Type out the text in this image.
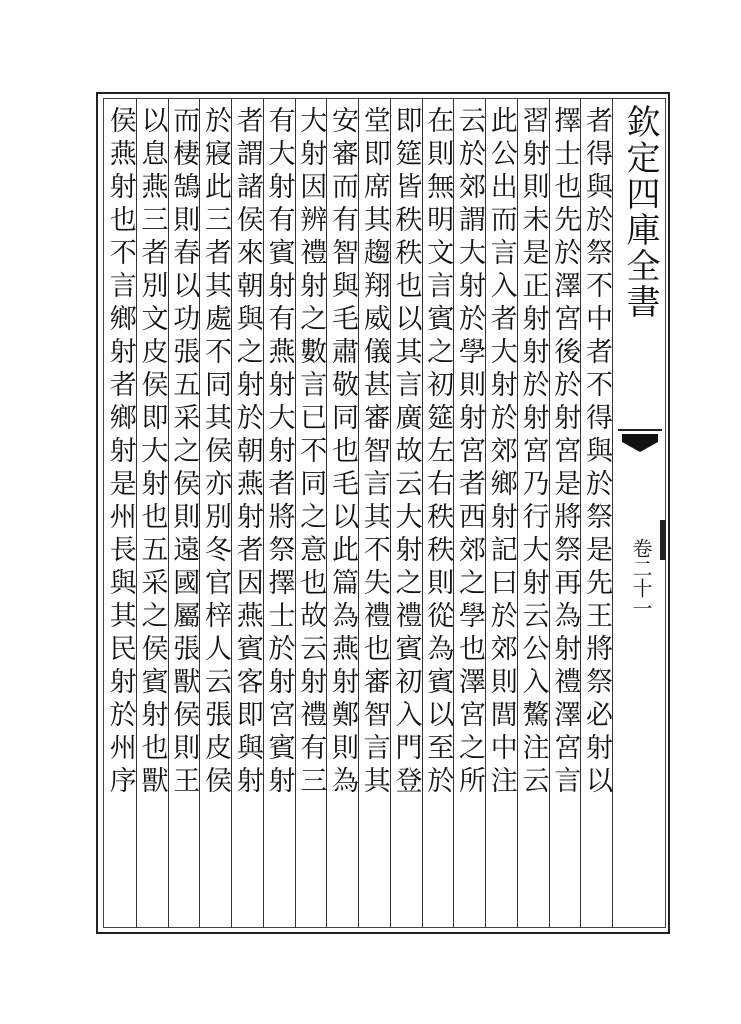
欽定四庫全書
卷二十一
者得與於祭不中者不得與於祭是先王將祭必射以
擇士也先於澤宮後於射宮是將祭再為射禮澤宮言
習射則未是正射射於射宮乃行大射云公入驁注云
此公出而言入者大射於郊鄉射記曰於郊則閭中注
云於郊謂大射於學則射宮者西郊之學也澤宮之所
在則無明文言賓之初筵左右秩秩則從為賓以至於
即筵皆秩秩也以其言廣故云大射之禮賓初入門登
堂即席其趨翔威儀甚審智言其不失禮也審智言其
安審而有智與毛肅敬同也毛以此篇為燕射鄭則為
大射因辨禮射之數言已不同之意也故云射禮有三
有大射有賓射有燕射大射者將祭擇士於射宮賓射
者謂諸侯來朝與之射於朝燕射者因燕賓客即與射
於寢此三者其處不同其侯亦別冬官梓人云張皮侯
而棲鵠則春以功張五采之侯則遠國屬張獸侯則王
以息燕三者別文皮侯即大射也五采之侯賓射也獸
侯燕射也不言鄉射者鄉射是州長與其民射於州序
